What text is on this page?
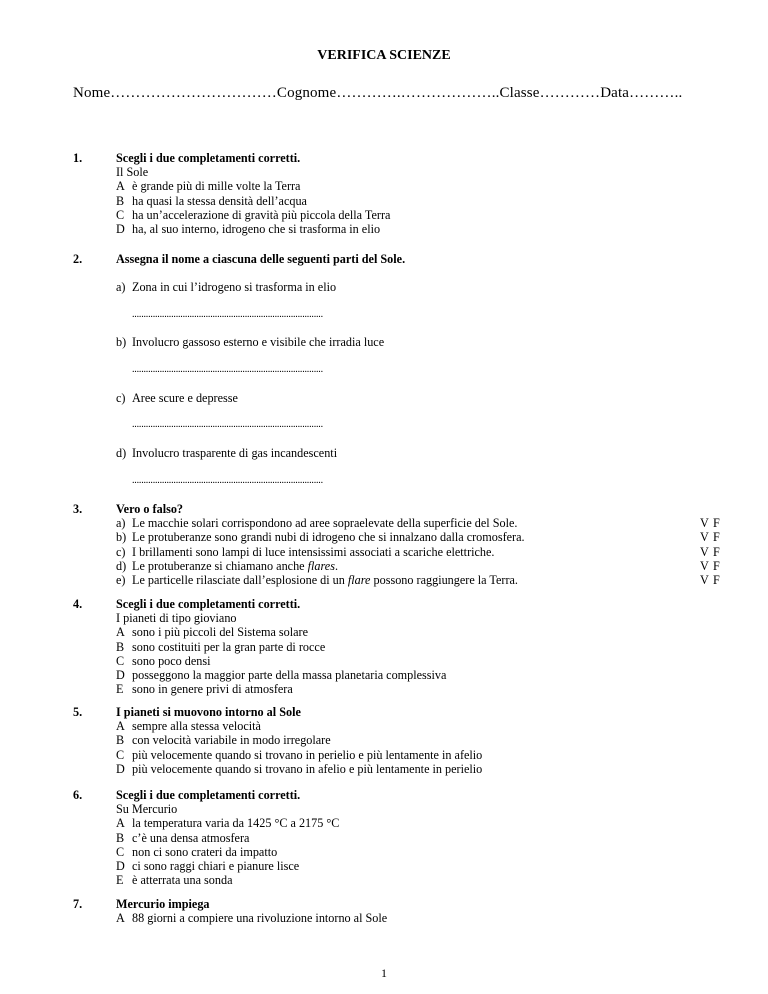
VERIFICA SCIENZE
Nome……………………………Cognome………….………………..Classe…………Data………..
1.	Scegli i due completamenti corretti.
Il Sole
A è grande più di mille volte la Terra
B ha quasi la stessa densità dell’acqua
C ha un’accelerazione di gravità più piccola della Terra
D ha, al suo interno, idrogeno che si trasforma in elio
2.	Assegna il nome a ciascuna delle seguenti parti del Sole.
a) Zona in cui l’idrogeno si trasforma in elio
...................................................................................
b) Involucro gassoso esterno e visibile che irradia luce
...................................................................................
c) Aree scure e depresse
...................................................................................
d) Involucro trasparente di gas incandescenti
...................................................................................
3.	Vero o falso?
a) Le macchie solari corrispondono ad aree sopraelevate della superficie del Sole.	V F
b) Le protuberanze sono grandi nubi di idrogeno che si innalzano dalla cromosfera.	V F
c) I brillamenti sono lampi di luce intensissimi associati a scariche elettriche.	V F
d) Le protuberanze si chiamano anche flares.	V F
e) Le particelle rilasciate dall’esplosione di un flare possono raggiungere la Terra.	V F
4.	Scegli i due completamenti corretti.
I pianeti di tipo gioviano
A sono i più piccoli del Sistema solare
B sono costituiti per la gran parte di rocce
C sono poco densi
D posseggono la maggior parte della massa planetaria complessiva
E sono in genere privi di atmosfera
5.	I pianeti si muovono intorno al Sole
A sempre alla stessa velocità
B con velocità variabile in modo irregolare
C più velocemente quando si trovano in perielio e più lentamente in afelio
D più velocemente quando si trovano in afelio e più lentamente in perielio
6.	Scegli i due completamenti corretti.
Su Mercurio
A la temperatura varia da 1425 °C a 2175 °C
B c’è una densa atmosfera
C non ci sono crateri da impatto
D ci sono raggi chiari e pianure lisce
E è atterrata una sonda
7.	Mercurio impiega
A 88 giorni a compiere una rivoluzione intorno al Sole
1
